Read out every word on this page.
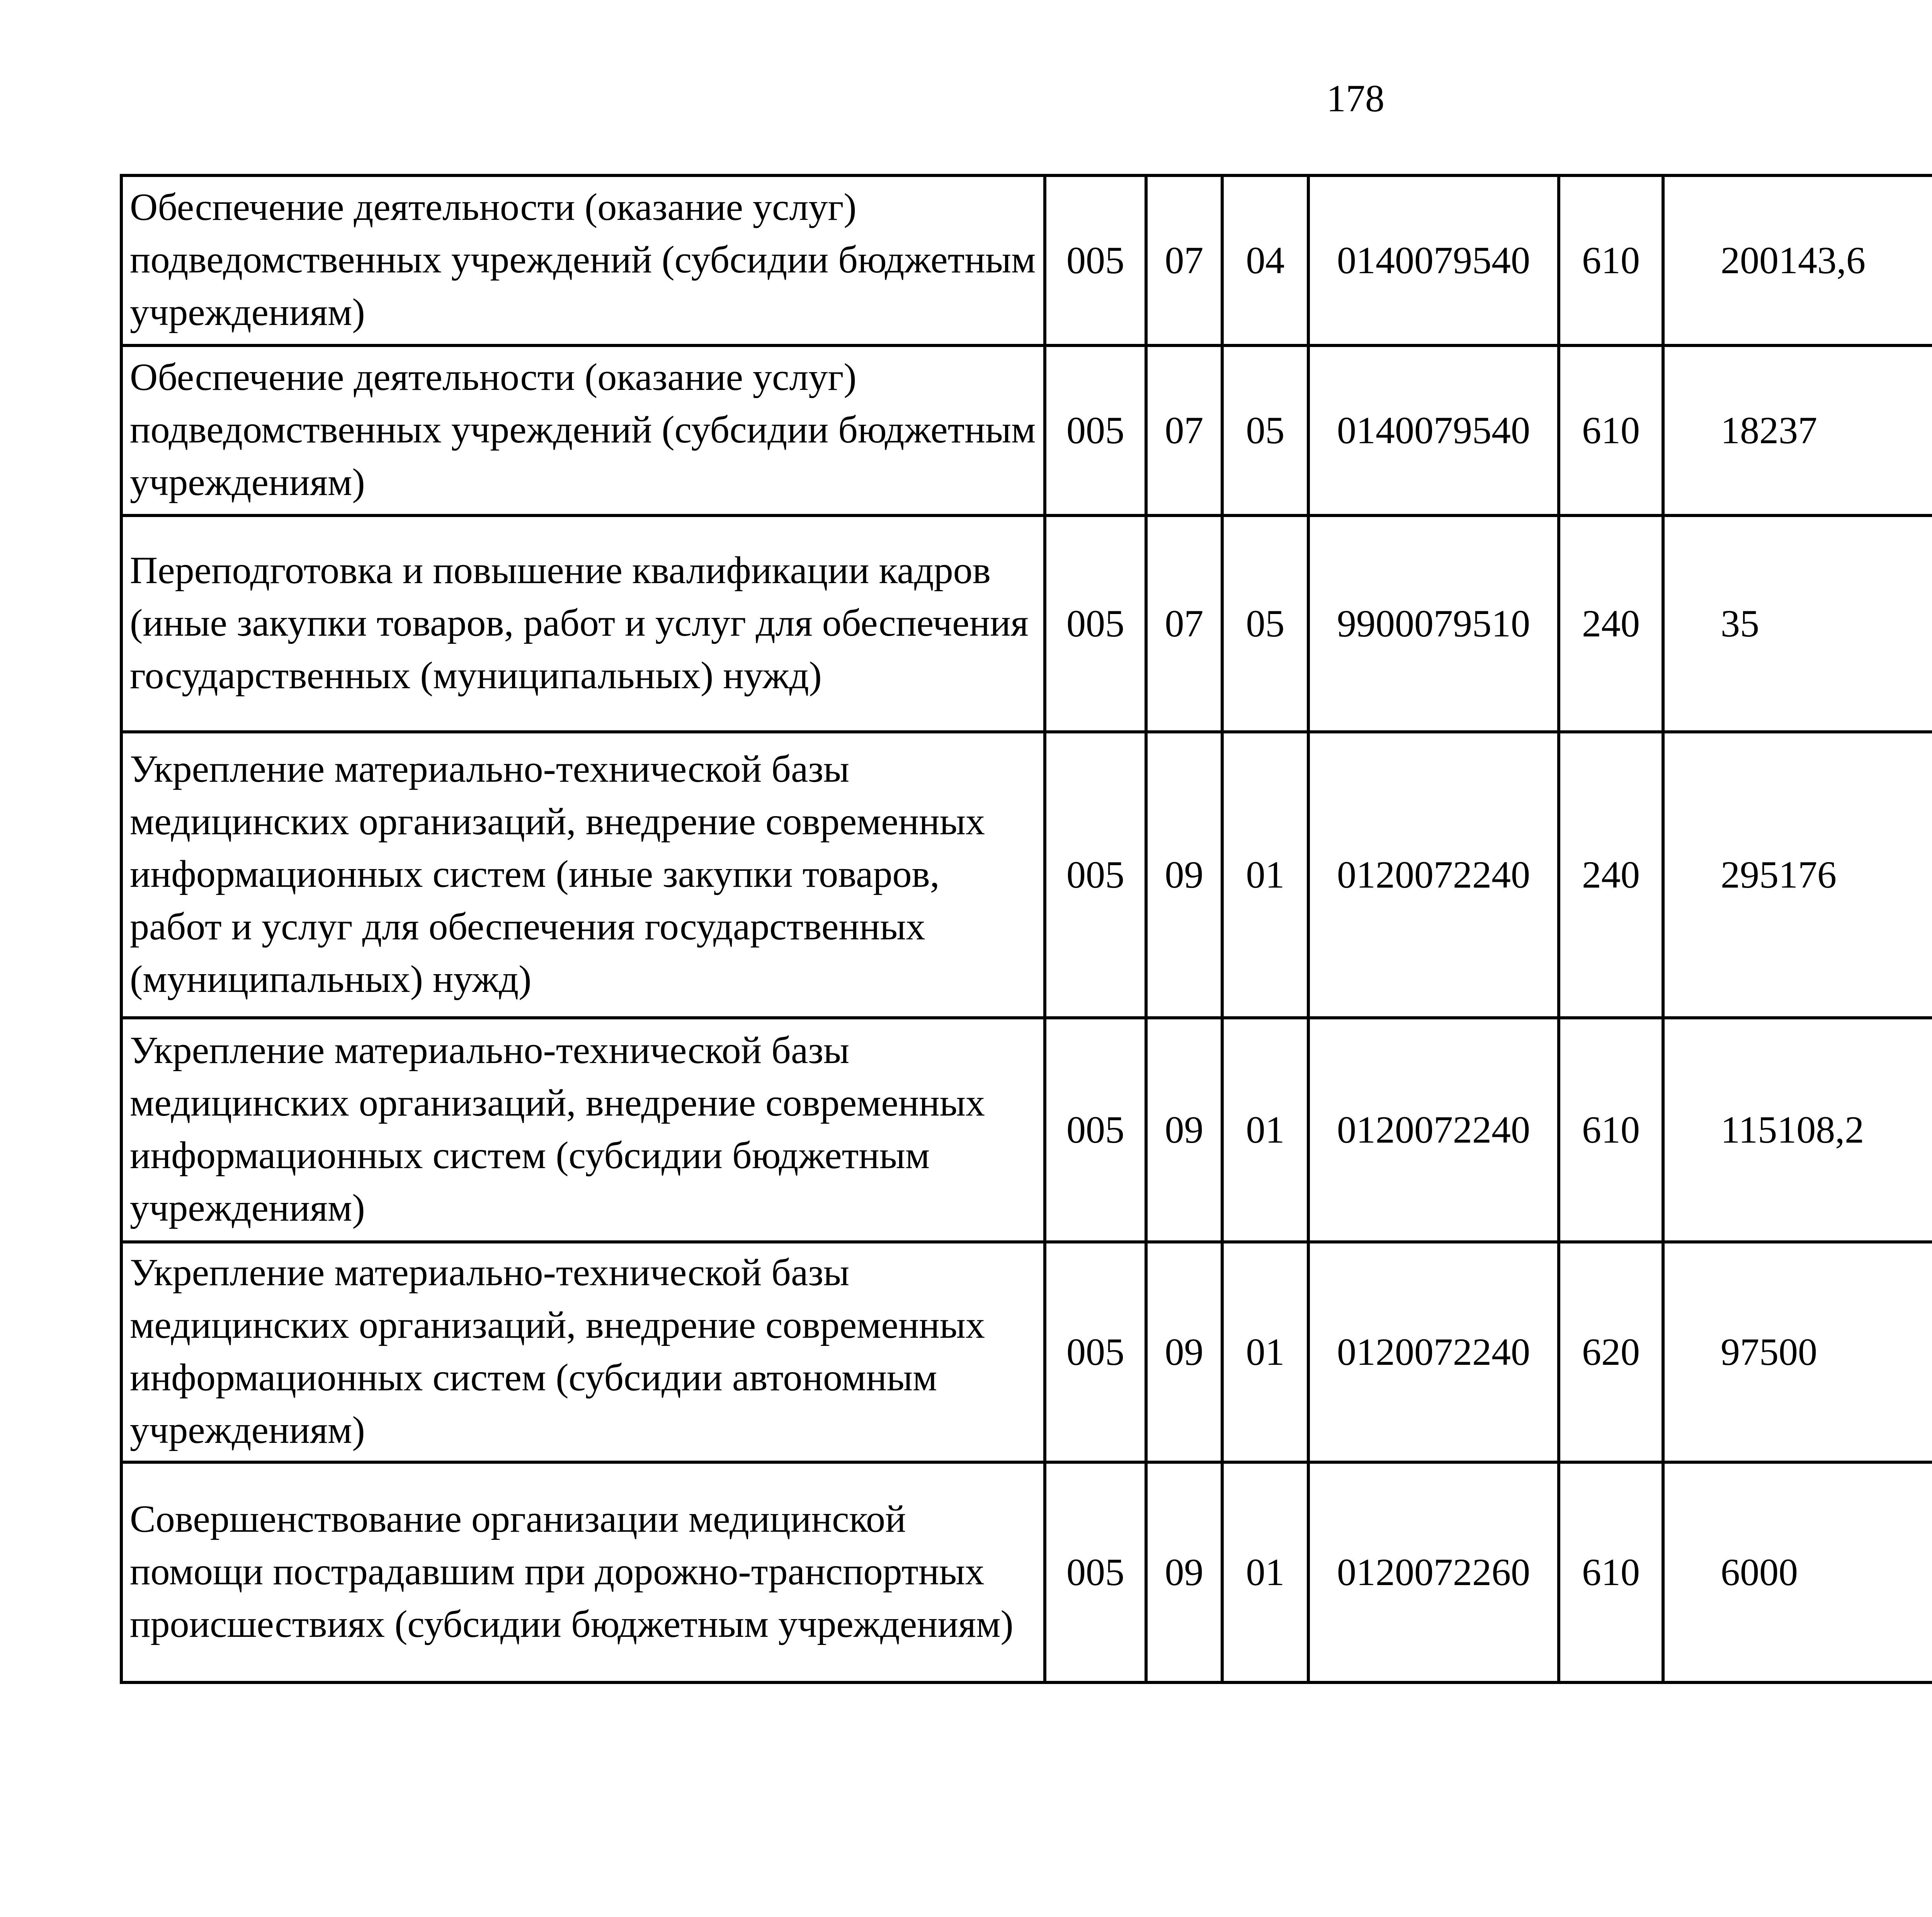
178
Обеспечение деятельности (оказание услуг) подведомственных учреждений (субсидии бюджетным учреждениям)	005	07	04	0140079540	610	200143,6		
Обеспечение деятельности (оказание услуг) подведомственных учреждений (субсидии бюджетным учреждениям)	005	07	05	0140079540	610	18237		
Переподготовка и повышение квалификации кадров (иные закупки товаров, работ и услуг для обеспечения государственных (муниципальных) нужд)	005	07	05	9900079510	240	35		
Укрепление материально-технической базы медицинских организаций, внедрение современных информационных систем (иные закупки товаров, работ и услуг для обеспечения государственных (муниципальных) нужд)	005	09	01	0120072240	240	295176		
Укрепление материально-технической базы медицинских организаций, внедрение современных информационных систем (субсидии бюджетным учреждениям)	005	09	01	0120072240	610	115108,2		
Укрепление материально-технической базы медицинских организаций, внедрение современных информационных систем (субсидии автономным учреждениям)	005	09	01	0120072240	620	97500		
Совершенствование организации медицинской помощи пострадавшим при дорожно-транспортных происшествиях (субсидии бюджетным учреждениям)	005	09	01	0120072260	610	6000		
